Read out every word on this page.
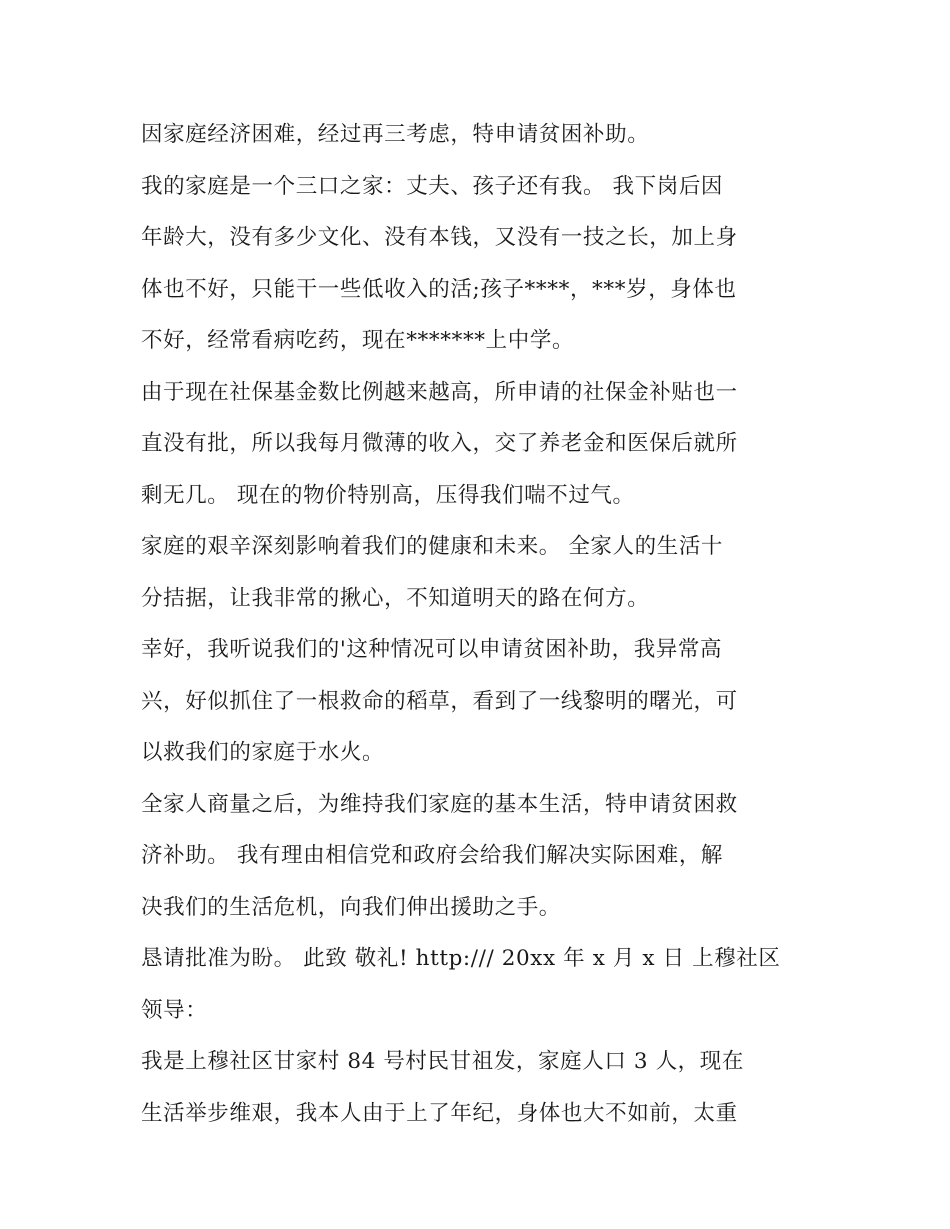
因家庭经济困难，经过再三考虑，特申请贫困补助。
我的家庭是一个三口之家：丈夫、孩子还有我。 我下岗后因
年龄大，没有多少文化、没有本钱，又没有一技之长，加上身
体也不好，只能干一些低收入的活;孩子****，***岁，身体也
不好，经常看病吃药，现在*******上中学。
由于现在社保基金数比例越来越高，所申请的社保金补贴也一
直没有批，所以我每月微薄的收入，交了养老金和医保后就所
剩无几。 现在的物价特别高，压得我们喘不过气。
家庭的艰辛深刻影响着我们的健康和未来。 全家人的生活十
分拮据，让我非常的揪心，不知道明天的路在何方。
幸好，我听说我们的'这种情况可以申请贫困补助，我异常高
兴，好似抓住了一根救命的稻草，看到了一线黎明的曙光，可
以救我们的家庭于水火。
全家人商量之后，为维持我们家庭的基本生活，特申请贫困救
济补助。 我有理由相信党和政府会给我们解决实际困难，解
决我们的生活危机，向我们伸出援助之手。
恳请批准为盼。 此致 敬礼! http:/// 20xx 年 x 月 x 日 上穆社区
领导：
我是上穆社区甘家村 84 号村民甘祖发，家庭人口 3 人，现在
生活举步维艰，我本人由于上了年纪，身体也大不如前，太重
